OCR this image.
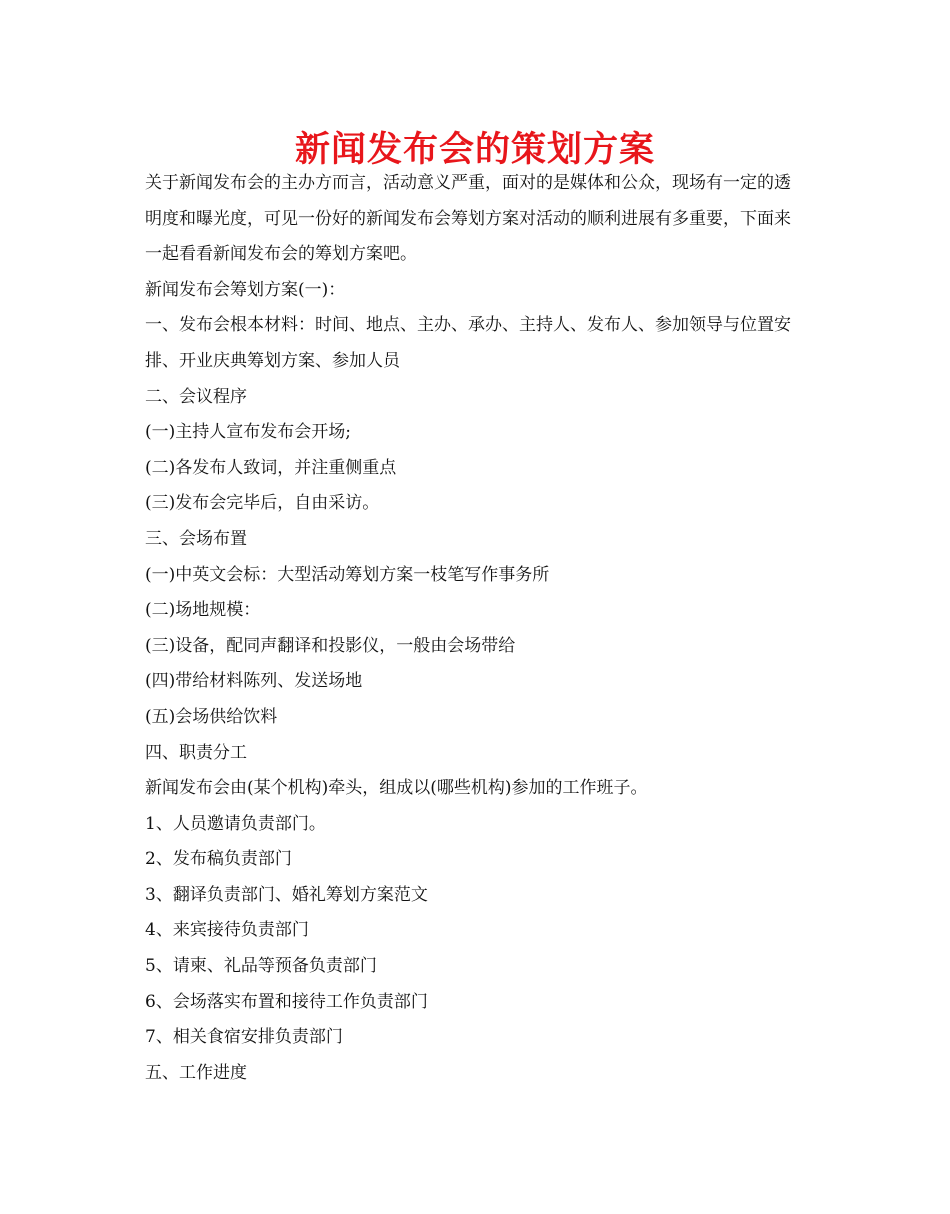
新闻发布会的策划方案

关于新闻发布会的主办方而言，活动意义严重，面对的是媒体和公众，现场有一定的透明度和曝光度，可见一份好的新闻发布会筹划方案对活动的顺利进展有多重要，下面来一起看看新闻发布会的筹划方案吧。

新闻发布会筹划方案(一)：

一、发布会根本材料：时间、地点、主办、承办、主持人、发布人、参加领导与位置安排、开业庆典筹划方案、参加人员

二、会议程序

(一)主持人宣布发布会开场;

(二)各发布人致词，并注重侧重点

(三)发布会完毕后，自由采访。

三、会场布置

(一)中英文会标：大型活动筹划方案一枝笔写作事务所

(二)场地规模：

(三)设备，配同声翻译和投影仪，一般由会场带给

(四)带给材料陈列、发送场地

(五)会场供给饮料

四、职责分工

新闻发布会由(某个机构)牵头，组成以(哪些机构)参加的工作班子。

1、人员邀请负责部门。

2、发布稿负责部门

3、翻译负责部门、婚礼筹划方案范文

4、来宾接待负责部门

5、请柬、礼品等预备负责部门

6、会场落实布置和接待工作负责部门

7、相关食宿安排负责部门

五、工作进度
